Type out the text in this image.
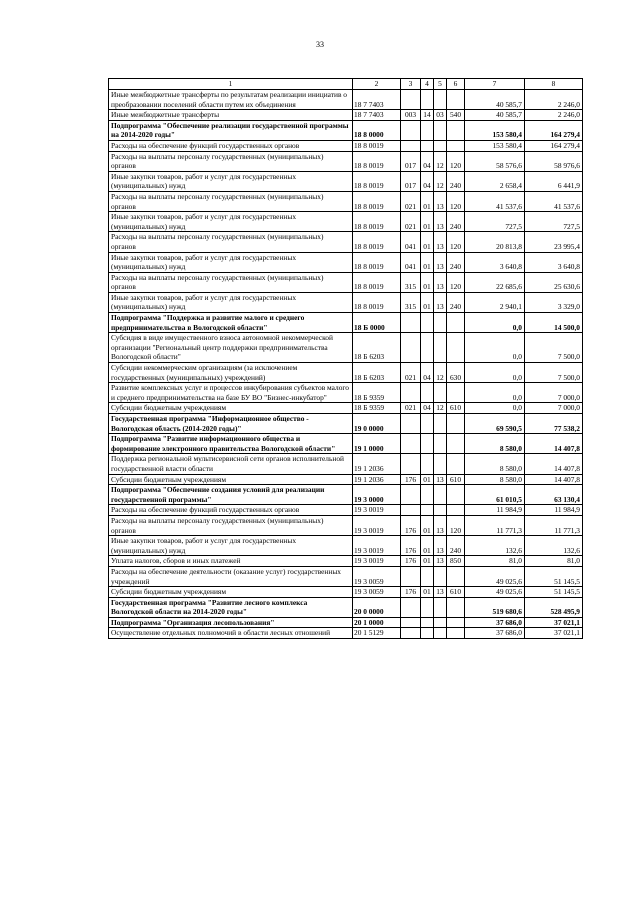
33
1	2	3	4	5	6	7	8
Иные межбюджетные трансферты по результатам реализации инициатив о преобразовании поселений области путем их объединения	18 7 7403					40 585,7	2 246,0
Иные межбюджетные трансферты	18 7 7403	003	14	03	540	40 585,7	2 246,0
Подпрограмма "Обеспечение реализации государственной программы на 2014-2020 годы"	18 8 0000					153 580,4	164 279,4
Расходы на обеспечение функций государственных органов	18 8 0019					153 580,4	164 279,4
Расходы на выплаты персоналу государственных (муниципальных) органов	18 8 0019	017	04	12	120	58 576,6	58 976,6
Иные закупки товаров, работ и услуг для государственных (муниципальных) нужд	18 8 0019	017	04	12	240	2 658,4	6 441,9
Расходы на выплаты персоналу государственных (муниципальных) органов	18 8 0019	021	01	13	120	41 537,6	41 537,6
Иные закупки товаров, работ и услуг для государственных (муниципальных) нужд	18 8 0019	021	01	13	240	727,5	727,5
Расходы на выплаты персоналу государственных (муниципальных) органов	18 8 0019	041	01	13	120	20 813,8	23 995,4
Иные закупки товаров, работ и услуг для государственных (муниципальных) нужд	18 8 0019	041	01	13	240	3 640,8	3 640,8
Расходы на выплаты персоналу государственных (муниципальных) органов	18 8 0019	315	01	13	120	22 685,6	25 630,6
Иные закупки товаров, работ и услуг для государственных (муниципальных) нужд	18 8 0019	315	01	13	240	2 940,1	3 329,0
Подпрограмма "Поддержка и развитие малого и среднего предпринимательства в Вологодской области"	18 Б 0000					0,0	14 500,0
Субсидия в виде имущественного взноса автономной некоммерческой организации "Региональный центр поддержки предпринимательства Вологодской области"	18 Б 6203					0,0	7 500,0
Субсидии некоммерческим организациям (за исключением государственных (муниципальных) учреждений)	18 Б 6203	021	04	12	630	0,0	7 500,0
Развитие комплексных услуг и процессов инкубирования субъектов малого и среднего предпринимательства на базе БУ ВО "Бизнес-инкубатор"	18 Б 9359					0,0	7 000,0
Субсидии бюджетным учреждениям	18 Б 9359	021	04	12	610	0,0	7 000,0
Государственная программа "Информационное общество - Вологодская область (2014-2020 годы)"	19 0 0000					69 590,5	77 538,2
Подпрограмма "Развитие информационного общества и формирование электронного правительства Вологодской области"	19 1 0000					8 580,0	14 407,8
Поддержка региональной мультисервисной сети органов исполнительной государственной власти области	19 1 2036					8 580,0	14 407,8
Субсидии бюджетным учреждениям	19 1 2036	176	01	13	610	8 580,0	14 407,8
Подпрограмма "Обеспечение создания условий для реализации государственной программы"	19 3 0000					61 010,5	63 130,4
Расходы на обеспечение функций государственных органов	19 3 0019					11 984,9	11 984,9
Расходы на выплаты персоналу государственных (муниципальных) органов	19 3 0019	176	01	13	120	11 771,3	11 771,3
Иные закупки товаров, работ и услуг для государственных (муниципальных) нужд	19 3 0019	176	01	13	240	132,6	132,6
Уплата налогов, сборов и иных платежей	19 3 0019	176	01	13	850	81,0	81,0
Расходы на обеспечение деятельности (оказание услуг) государственных учреждений	19 3 0059					49 025,6	51 145,5
Субсидии бюджетным учреждениям	19 3 0059	176	01	13	610	49 025,6	51 145,5
Государственная программа "Развитие лесного комплекса Вологодской области на 2014-2020 годы"	20 0 0000					519 680,6	528 495,9
Подпрограмма "Организация лесопользования"	20 1 0000					37 686,0	37 021,1
Осуществление отдельных полномочий в области лесных отношений	20 1 5129					37 686,0	37 021,1
